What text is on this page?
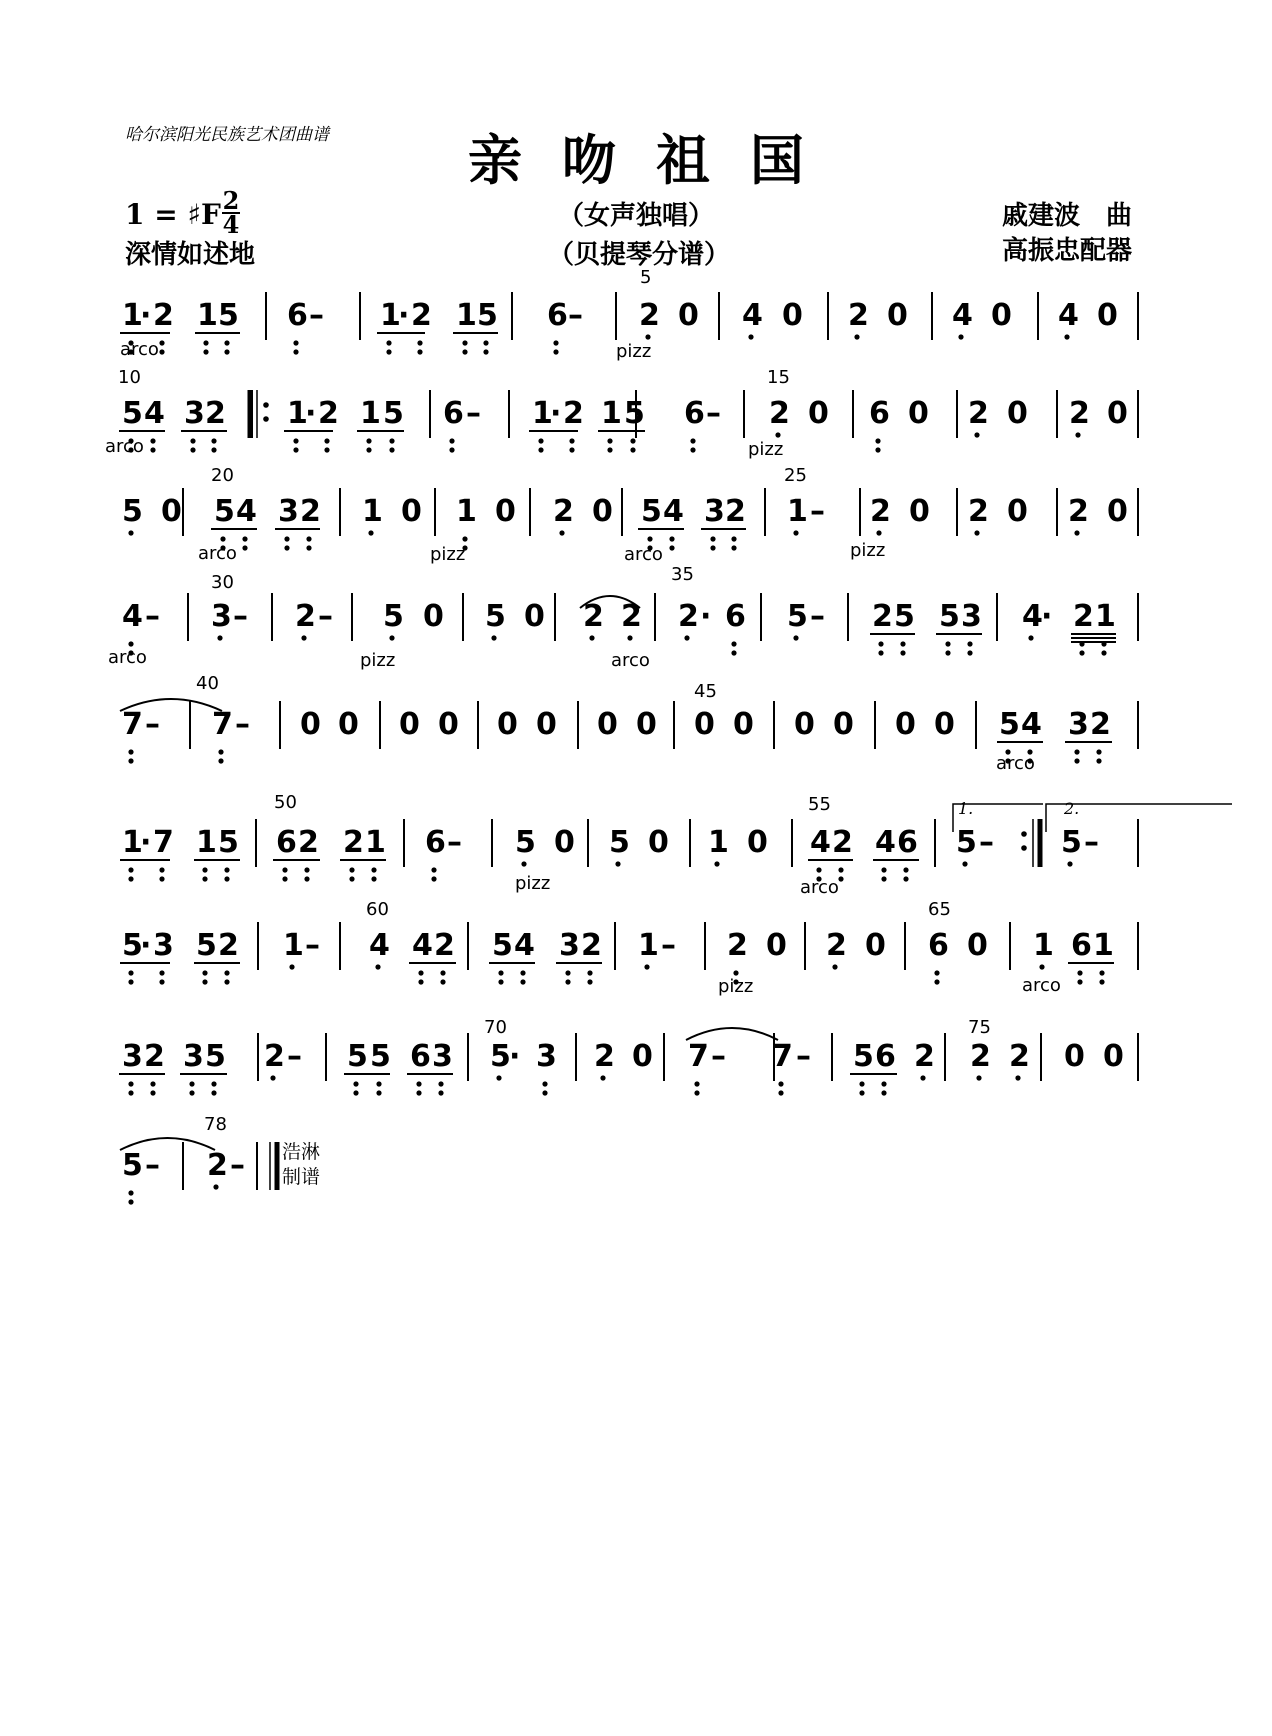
哈尔滨阳光民族艺术团曲谱	亲吻祖国
1 = ♯F 2
4
深情如述地
（女声独唱）
（贝提琴分谱）
戚建波　曲
高振忠配器
1
· 2 1 5 6 – 1
· 2 1 5 6 – 2 0 4 0 2 0 4 0 4 0
arco	pizz
5
5 4 3 2 1
· 2 1 5 6 – 1
· 2 1 5 6 – 2 0 6 0 2 0 2 0
arco	pizz
10	15
5 0 5 4 3 2 1 0 1 0 2 0 5 4 3 2 1 – 2 0 2 0 2 0
arco	pizz	arco	pizz
20	25
4 – 3 – 2 – 5 0 5 0 2 2 2 · 6 5 – 2 5 5 3 4
· 2 1
arco	pizz	arco
30	35
7 – 7 – 0 0 0 0 0 0 0 0 0 0 0 0 0 0 5 4 3 2
arco
40	45
1
· 7 1 5 6 2 2 1 6 – 5 0 5 0 1 0 4 2 4 6 5 – 5 –
pizz	arco
50	55	1.	2.
5
· 3 5 2 1 – 4 4 2 5 4 3 2 1 – 2 0 2 0 6 0 1 6 1
pizz	arco
60	65
3 2 3 5 2 – 5 5 6 3 5
· 3 2 0 7 – 7 – 5 6 2 2 2 0 0
70	75
5 – 2 –
78
浩淋
制谱
